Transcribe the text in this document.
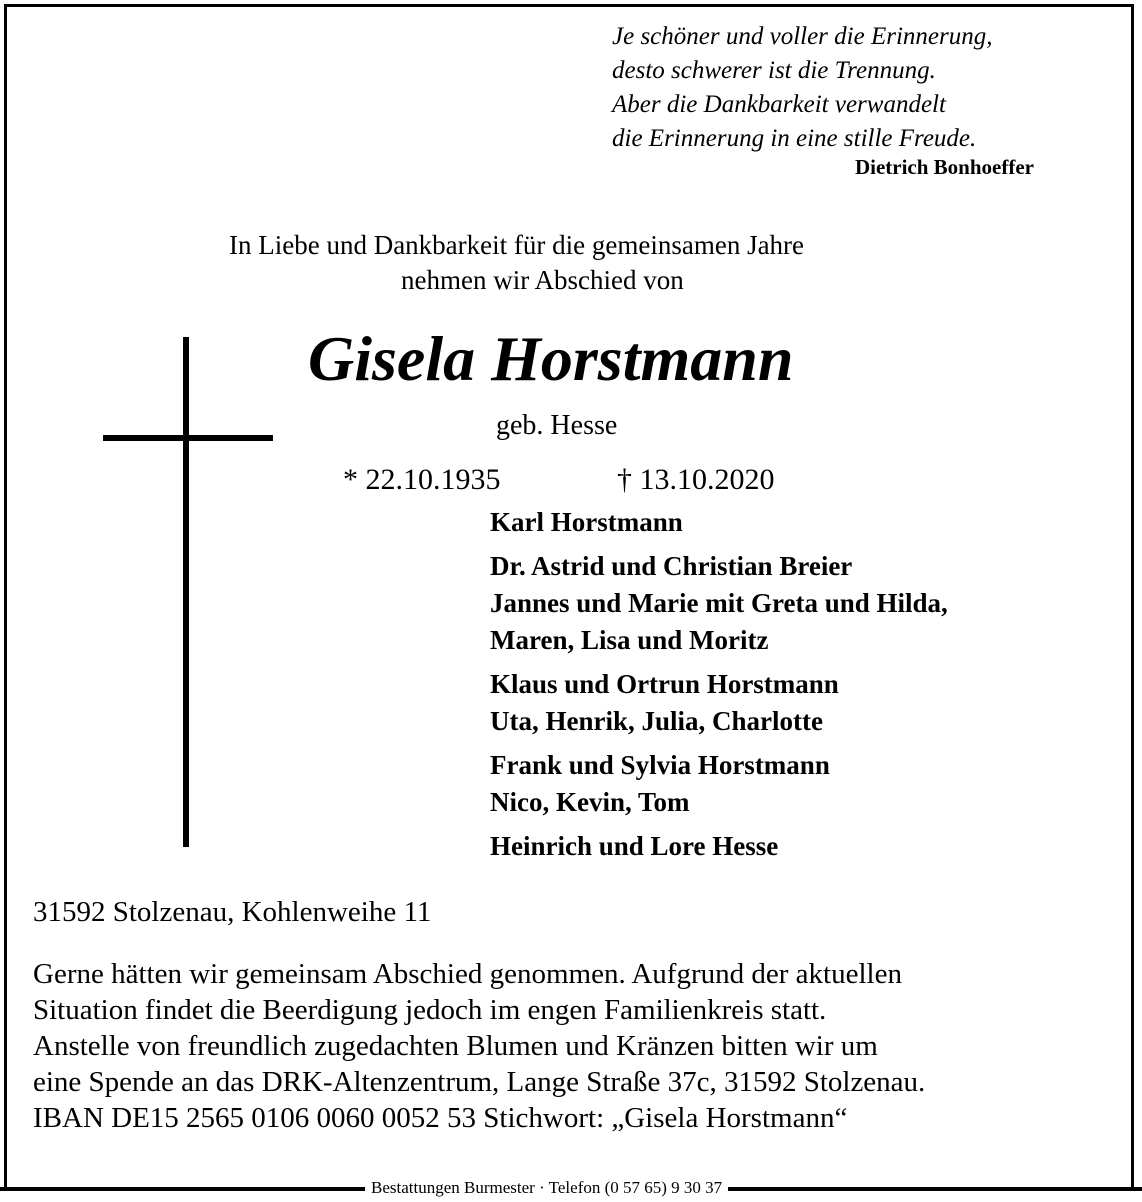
Je schöner und voller die Erinnerung,
desto schwerer ist die Trennung.
Aber die Dankbarkeit verwandelt
die Erinnerung in eine stille Freude.
Dietrich Bonhoeffer
In Liebe und Dankbarkeit für die gemeinsamen Jahre
nehmen wir Abschied von
Gisela Horstmann
geb. Hesse
* 22.10.1935	† 13.10.2020
Karl Horstmann
Dr. Astrid und Christian Breier
Jannes und Marie mit Greta und Hilda,
Maren, Lisa und Moritz
Klaus und Ortrun Horstmann
Uta, Henrik, Julia, Charlotte
Frank und Sylvia Horstmann
Nico, Kevin, Tom
Heinrich und Lore Hesse
31592 Stolzenau, Kohlenweihe 11
Gerne hätten wir gemeinsam Abschied genommen. Aufgrund der aktuellen
Situation findet die Beerdigung jedoch im engen Familienkreis statt.
Anstelle von freundlich zugedachten Blumen und Kränzen bitten wir um
eine Spende an das DRK-Altenzentrum, Lange Straße 37c, 31592 Stolzenau.
IBAN DE15 2565 0106 0060 0052 53 Stichwort: „Gisela Horstmann“
Bestattungen Burmester · Telefon (0 57 65) 9 30 37
